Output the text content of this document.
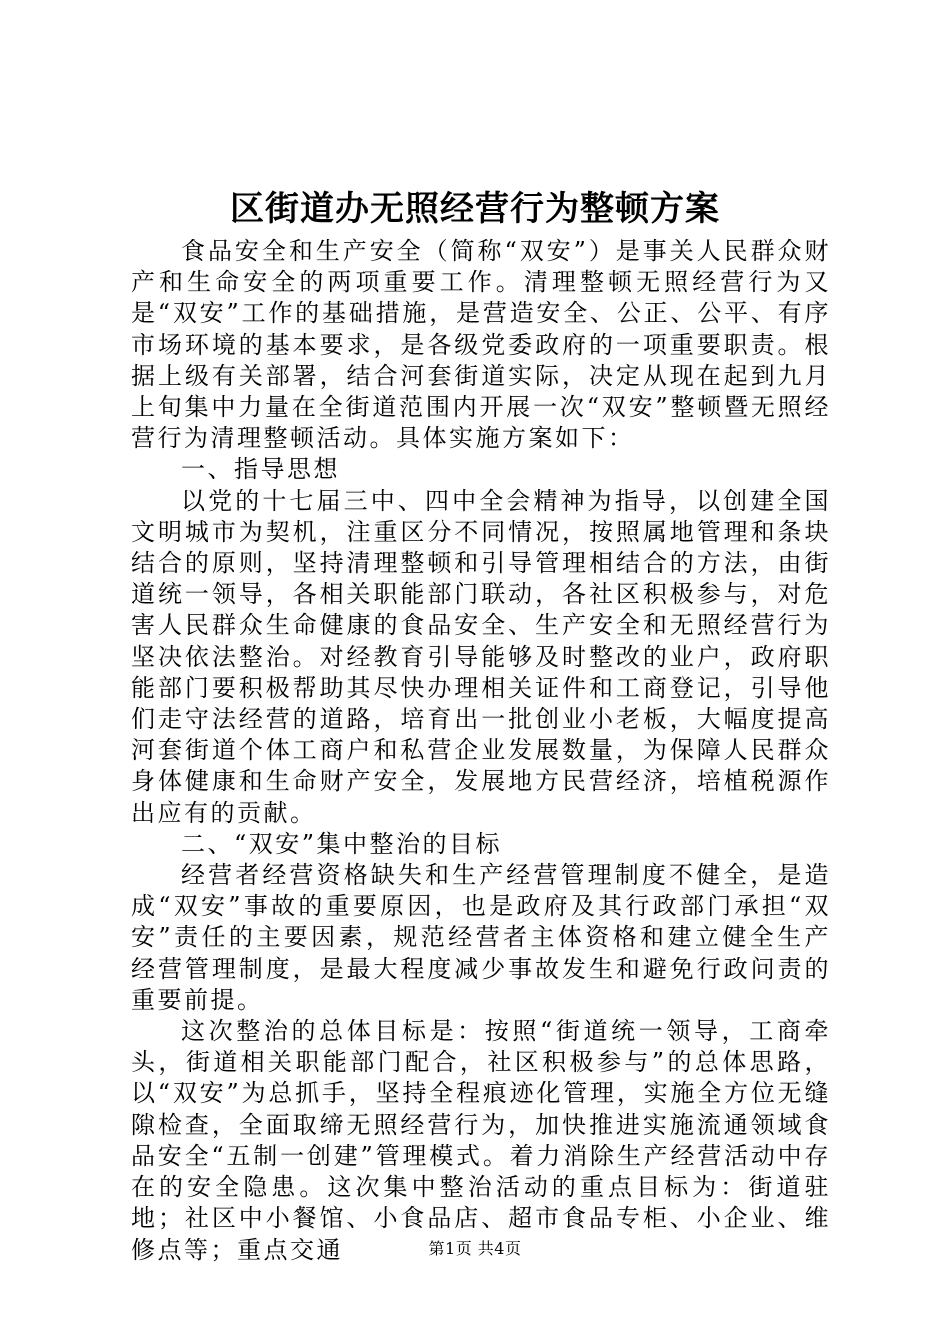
区街道办无照经营行为整顿方案

食品安全和生产安全（简称“双安”）是事关人民群众财产和生命安全的两项重要工作。清理整顿无照经营行为又是“双安”工作的基础措施，是营造安全、公正、公平、有序市场环境的基本要求，是各级党委政府的一项重要职责。根据上级有关部署，结合河套街道实际，决定从现在起到九月上旬集中力量在全街道范围内开展一次“双安”整顿暨无照经营行为清理整顿活动。具体实施方案如下：

一、指导思想

以党的十七届三中、四中全会精神为指导，以创建全国文明城市为契机，注重区分不同情况，按照属地管理和条块结合的原则，坚持清理整顿和引导管理相结合的方法，由街道统一领导，各相关职能部门联动，各社区积极参与，对危害人民群众生命健康的食品安全、生产安全和无照经营行为坚决依法整治。对经教育引导能够及时整改的业户，政府职能部门要积极帮助其尽快办理相关证件和工商登记，引导他们走守法经营的道路，培育出一批创业小老板，大幅度提高河套街道个体工商户和私营企业发展数量，为保障人民群众身体健康和生命财产安全，发展地方民营经济，培植税源作出应有的贡献。

二、“双安”集中整治的目标

经营者经营资格缺失和生产经营管理制度不健全，是造成“双安”事故的重要原因，也是政府及其行政部门承担“双安”责任的主要因素，规范经营者主体资格和建立健全生产经营管理制度，是最大程度减少事故发生和避免行政问责的重要前提。

这次整治的总体目标是：按照“街道统一领导，工商牵头，街道相关职能部门配合，社区积极参与”的总体思路，以“双安”为总抓手，坚持全程痕迹化管理，实施全方位无缝隙检查，全面取缔无照经营行为，加快推进实施流通领域食品安全“五制一创建”管理模式。着力消除生产经营活动中存在的安全隐患。这次集中整治活动的重点目标为：街道驻地；社区中小餐馆、小食品店、超市食品专柜、小企业、维修点等；重点交通	第1页 共4页
